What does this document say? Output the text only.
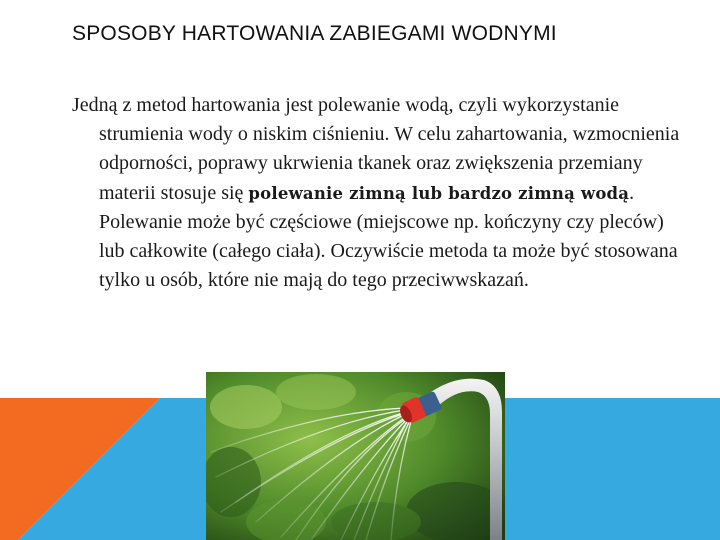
SPOSOBY HARTOWANIA ZABIEGAMI WODNYMI

Jedną z metod hartowania jest polewanie wodą, czyli wykorzystanie strumienia wody o niskim ciśnieniu. W celu zahartowania, wzmocnienia odporności, poprawy ukrwienia tkanek oraz zwiększenia przemiany materii stosuje się polewanie zimną lub bardzo zimną wodą. Polewanie może być częściowe (miejscowe np. kończyny czy pleców) lub całkowite (całego ciała). Oczywiście metoda ta może być stosowana tylko u osób, które nie mają do tego przeciwwskazań.
